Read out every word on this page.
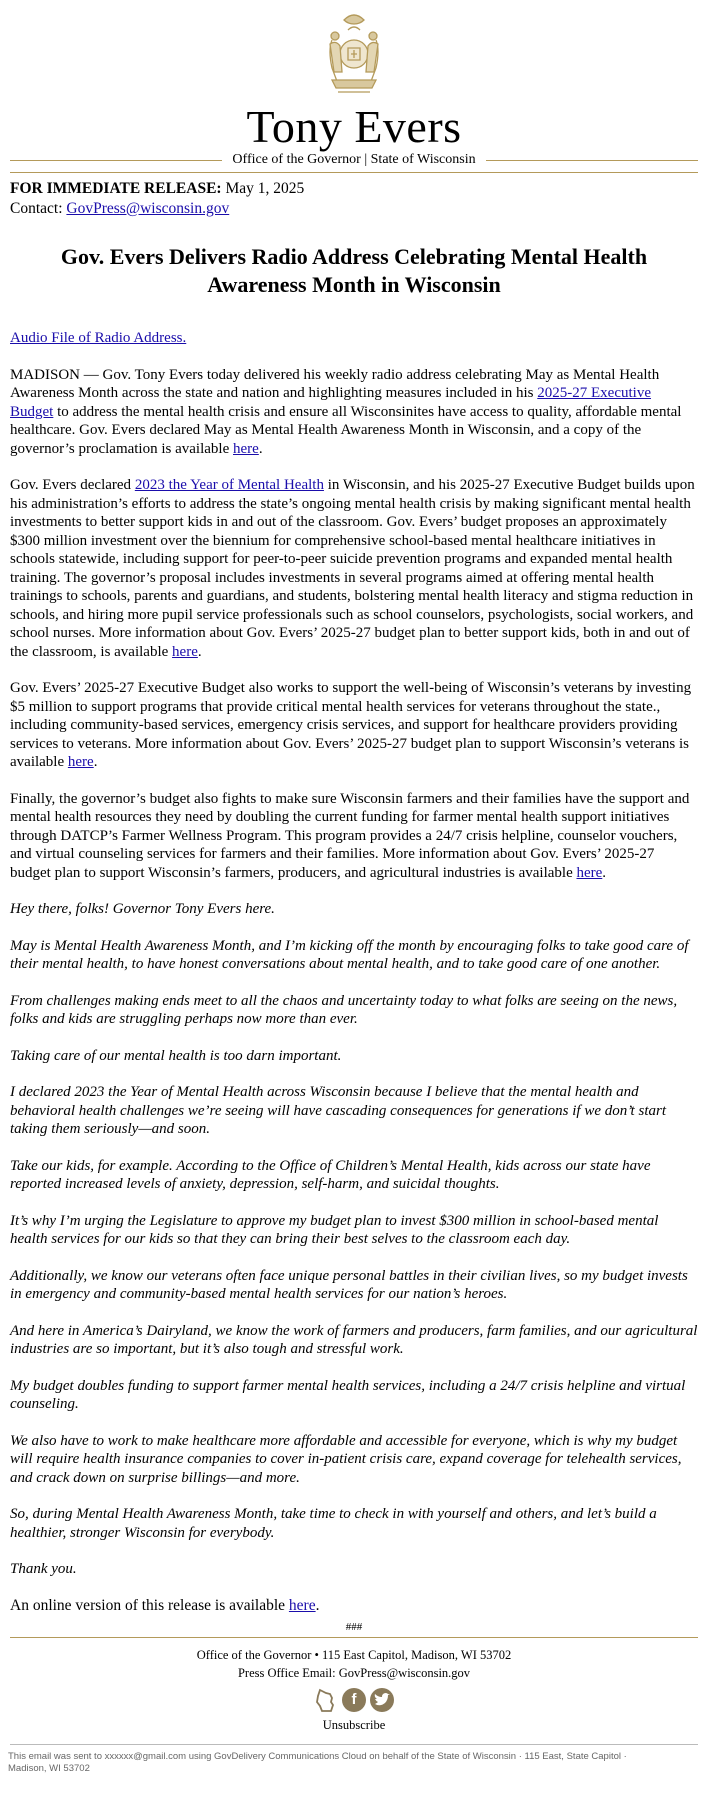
Tony Evers
Office of the Governor | State of Wisconsin
FOR IMMEDIATE RELEASE: May 1, 2025
Contact: GovPress@wisconsin.gov
Gov. Evers Delivers Radio Address Celebrating Mental Health Awareness Month in Wisconsin

Audio File of Radio Address.

MADISON — Gov. Tony Evers today delivered his weekly radio address celebrating May as Mental Health Awareness Month across the state and nation and highlighting measures included in his 2025-27 Executive Budget to address the mental health crisis and ensure all Wisconsinites have access to quality, affordable mental healthcare. Gov. Evers declared May as Mental Health Awareness Month in Wisconsin, and a copy of the governor’s proclamation is available here.

Gov. Evers declared 2023 the Year of Mental Health in Wisconsin, and his 2025-27 Executive Budget builds upon his administration’s efforts to address the state’s ongoing mental health crisis by making significant mental health investments to better support kids in and out of the classroom. Gov. Evers’ budget proposes an approximately $300 million investment over the biennium for comprehensive school-based mental healthcare initiatives in schools statewide, including support for peer-to-peer suicide prevention programs and expanded mental health training. The governor’s proposal includes investments in several programs aimed at offering mental health trainings to schools, parents and guardians, and students, bolstering mental health literacy and stigma reduction in schools, and hiring more pupil service professionals such as school counselors, psychologists, social workers, and school nurses. More information about Gov. Evers’ 2025-27 budget plan to better support kids, both in and out of the classroom, is available here.

Gov. Evers’ 2025-27 Executive Budget also works to support the well-being of Wisconsin’s veterans by investing $5 million to support programs that provide critical mental health services for veterans throughout the state., including community-based services, emergency crisis services, and support for healthcare providers providing services to veterans. More information about Gov. Evers’ 2025-27 budget plan to support Wisconsin’s veterans is available here.

Finally, the governor’s budget also fights to make sure Wisconsin farmers and their families have the support and mental health resources they need by doubling the current funding for farmer mental health support initiatives through DATCP’s Farmer Wellness Program. This program provides a 24/7 crisis helpline, counselor vouchers, and virtual counseling services for farmers and their families. More information about Gov. Evers’ 2025-27 budget plan to support Wisconsin’s farmers, producers, and agricultural industries is available here.

Hey there, folks! Governor Tony Evers here.

May is Mental Health Awareness Month, and I’m kicking off the month by encouraging folks to take good care of their mental health, to have honest conversations about mental health, and to take good care of one another.

From challenges making ends meet to all the chaos and uncertainty today to what folks are seeing on the news, folks and kids are struggling perhaps now more than ever.

Taking care of our mental health is too darn important.

I declared 2023 the Year of Mental Health across Wisconsin because I believe that the mental health and behavioral health challenges we’re seeing will have cascading consequences for generations if we don’t start taking them seriously—and soon.

Take our kids, for example. According to the Office of Children’s Mental Health, kids across our state have reported increased levels of anxiety, depression, self-harm, and suicidal thoughts.

It’s why I’m urging the Legislature to approve my budget plan to invest $300 million in school-based mental health services for our kids so that they can bring their best selves to the classroom each day.

Additionally, we know our veterans often face unique personal battles in their civilian lives, so my budget invests in emergency and community-based mental health services for our nation’s heroes.

And here in America’s Dairyland, we know the work of farmers and producers, farm families, and our agricultural industries are so important, but it’s also tough and stressful work.

My budget doubles funding to support farmer mental health services, including a 24/7 crisis helpline and virtual counseling.

We also have to work to make healthcare more affordable and accessible for everyone, which is why my budget will require health insurance companies to cover in-patient crisis care, expand coverage for telehealth services, and crack down on surprise billings—and more.

So, during Mental Health Awareness Month, take time to check in with yourself and others, and let’s build a healthier, stronger Wisconsin for everybody.

Thank you.

An online version of this release is available here.

###
Office of the Governor • 115 East Capitol, Madison, WI 53702
Press Office Email: GovPress@wisconsin.gov
f
Unsubscribe
This email was sent to xxxxxx@gmail.com using GovDelivery Communications Cloud on behalf of the State of Wisconsin · 115 East, State Capitol · Madison, WI 53702
